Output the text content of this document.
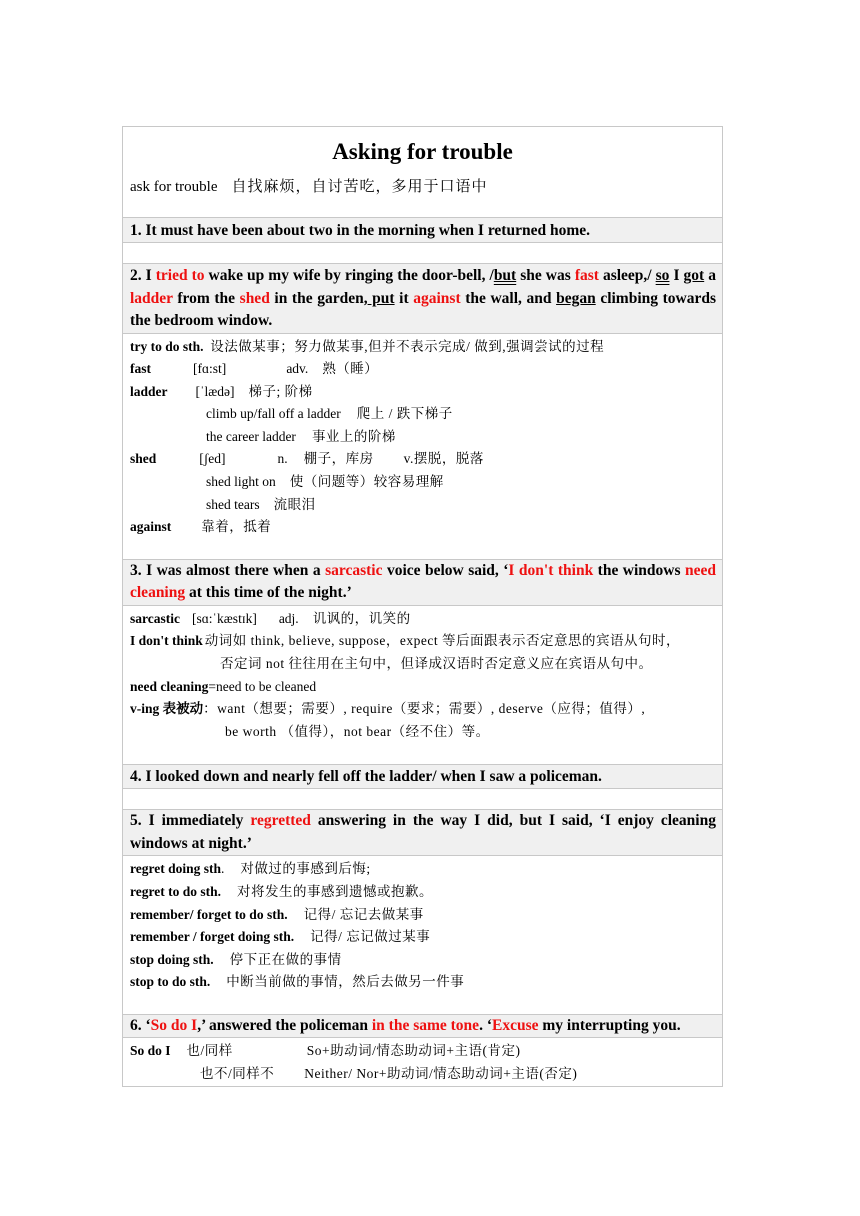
Asking for trouble
ask for trouble 自找麻烦，自讨苦吃，多用于口语中
1. It must have been about two in the morning when I returned home.
2. I tried to wake up my wife by ringing the door-bell, /but she was fast asleep,/ so I got a ladder from the shed in the garden, put it against the wall, and began climbing towards the bedroom window.
try to do sth. 设法做某事；努力做某事,但并不表示完成/ 做到,强调尝试的过程
fast	[fɑ:st]	adv. 熟（睡）
ladder [ˈlædə] 梯子; 阶梯
climb up/fall off a ladder 爬上 / 跌下梯子
the career ladder 事业上的阶梯
shed	[ʃed]	n. 棚子，库房 v.摆脱，脱落
shed light on 使（问题等）较容易理解
shed tears 流眼泪
against 靠着，抵着
3. I was almost there when a sarcastic voice below said, ‘I don't think the windows need cleaning at this time of the night.’
sarcastic [sɑ:ˈkæstɪk] adj. 讥讽的，讥笑的
I don't think 动词如 think, believe, suppose，expect 等后面跟表示否定意思的宾语从句时，
否定词 not 往往用在主句中，但译成汉语时否定意义应在宾语从句中。
need cleaning=need to be cleaned
v-ing 表被动：want（想要；需要）, require（要求；需要）, deserve（应得；值得）,
be worth （值得），not bear（经不住）等。
4. I looked down and nearly fell off the ladder/ when I saw a policeman.
5. I immediately regretted answering in the way I did, but I said, ‘I enjoy cleaning windows at night.’
regret doing sth. 对做过的事感到后悔;
regret to do sth. 对将发生的事感到遗憾或抱歉。
remember/ forget to do sth. 记得/ 忘记去做某事
remember / forget doing sth. 记得/ 忘记做过某事
stop doing sth. 停下正在做的事情
stop to do sth. 中断当前做的事情，然后去做另一件事
6. ‘So do I,’ answered the policeman in the same tone. ‘Excuse my interrupting you.
So do I 也/同样	So+助动词/情态助动词+主语(肯定)
也不/同样不 Neither/ Nor+助动词/情态助动词+主语(否定)
